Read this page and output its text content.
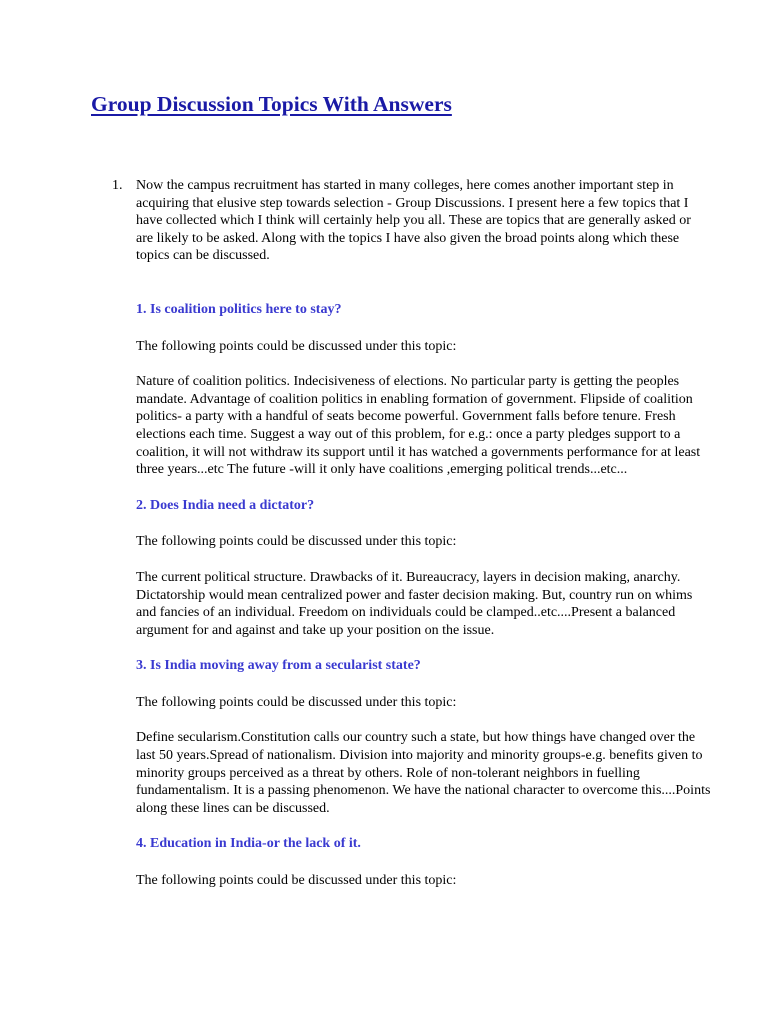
Group Discussion Topics With Answers
1. Now the campus recruitment has started in many colleges, here comes another important step in acquiring that elusive step towards selection - Group Discussions. I present here a few topics that I have collected which I think will certainly help you all. These are topics that are generally asked or are likely to be asked. Along with the topics I have also given the broad points along which these topics can be discussed.

1. Is coalition politics here to stay?

The following points could be discussed under this topic:

Nature of coalition politics. Indecisiveness of elections. No particular party is getting the peoples mandate. Advantage of coalition politics in enabling formation of government. Flipside of coalition politics- a party with a handful of seats become powerful. Government falls before tenure. Fresh elections each time. Suggest a way out of this problem, for e.g.: once a party pledges support to a coalition, it will not withdraw its support until it has watched a governments performance for at least three years...etc The future -will it only have coalitions ,emerging political trends...etc...

2. Does India need a dictator?

The following points could be discussed under this topic:

The current political structure. Drawbacks of it. Bureaucracy, layers in decision making, anarchy. Dictatorship would mean centralized power and faster decision making. But, country run on whims and fancies of an individual. Freedom on individuals could be clamped..etc....Present a balanced argument for and against and take up your position on the issue.

3. Is India moving away from a secularist state?

The following points could be discussed under this topic:

Define secularism.Constitution calls our country such a state, but how things have changed over the last 50 years.Spread of nationalism. Division into majority and minority groups-e.g. benefits given to minority groups perceived as a threat by others. Role of non-tolerant neighbors in fuelling fundamentalism. It is a passing phenomenon. We have the national character to overcome this....Points along these lines can be discussed.

4. Education in India-or the lack of it.

The following points could be discussed under this topic:
